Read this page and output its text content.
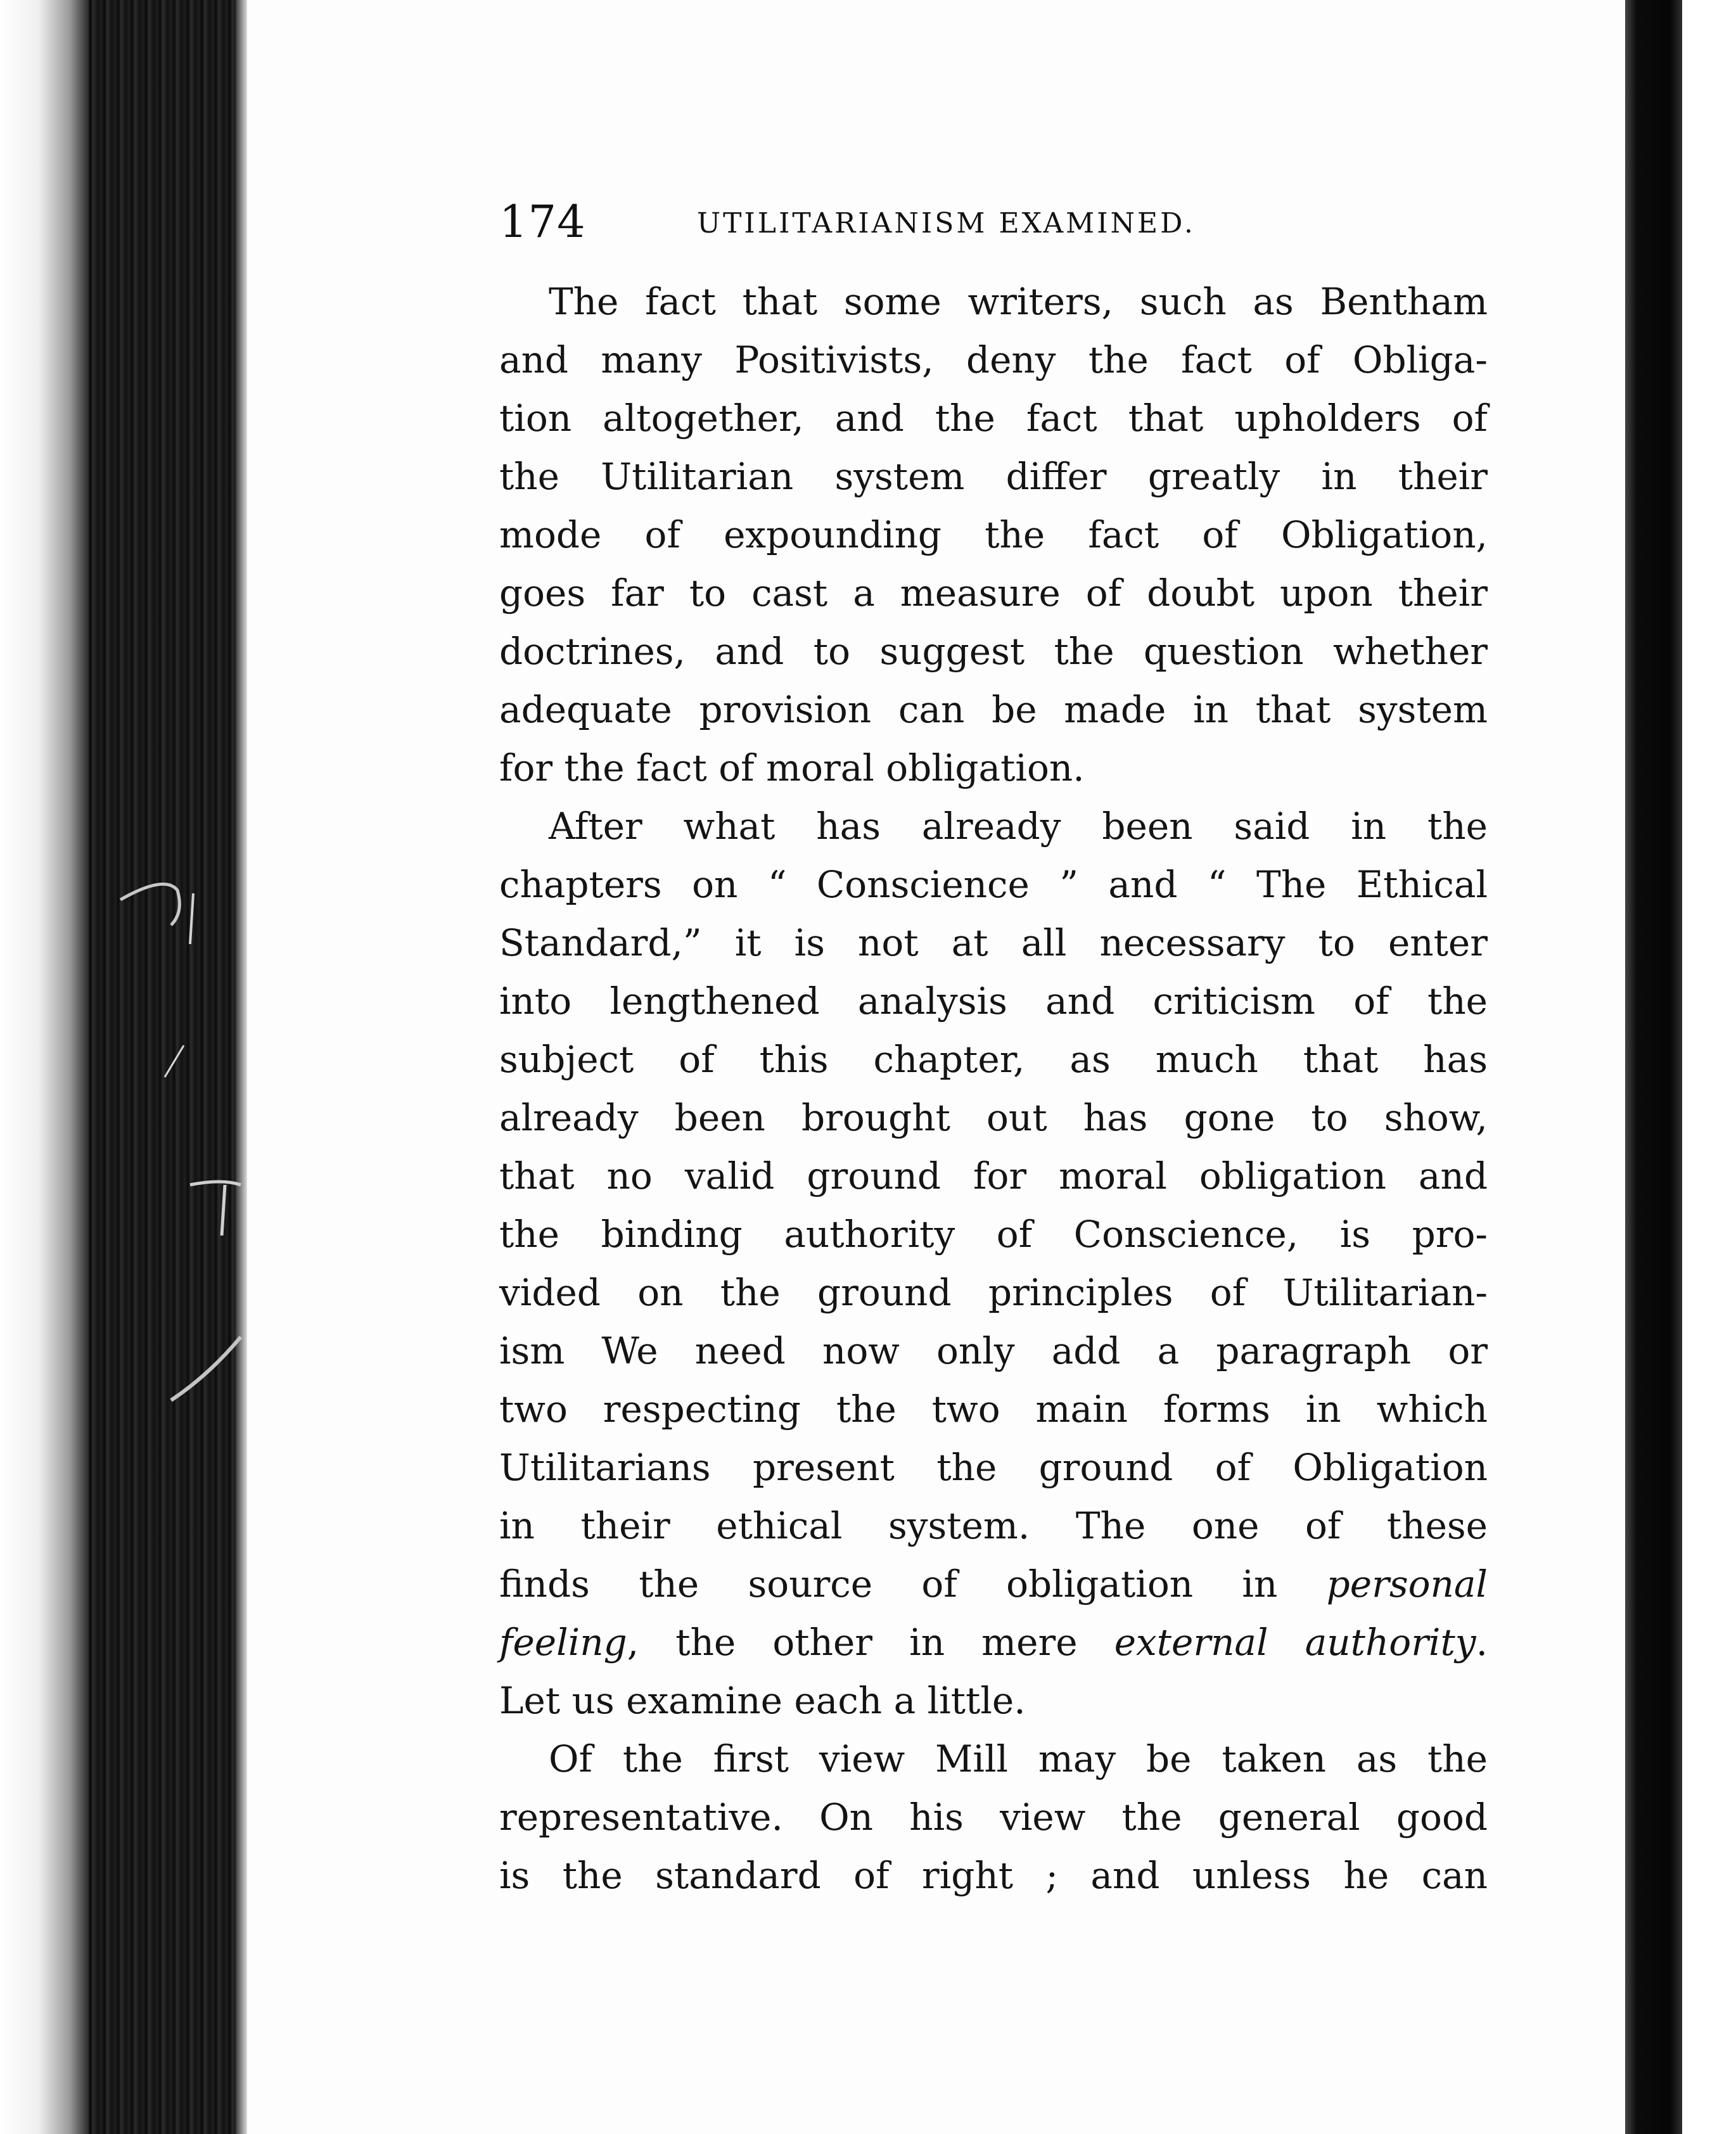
174	UTILITARIANISM EXAMINED.
The fact that some writers, such as Bentham
and many Positivists, deny the fact of Obliga-
tion altogether, and the fact that upholders of
the Utilitarian system differ greatly in their
mode of expounding the fact of Obligation,
goes far to cast a measure of doubt upon their
doctrines, and to suggest the question whether
adequate provision can be made in that system
for the fact of moral obligation.
After what has already been said in the
chapters on “ Conscience ” and “ The Ethical
Standard,” it is not at all necessary to enter
into lengthened analysis and criticism of the
subject of this chapter, as much that has
already been brought out has gone to show,
that no valid ground for moral obligation and
the binding authority of Conscience, is pro-
vided on the ground principles of Utilitarian-
ism We need now only add a paragraph or
two respecting the two main forms in which
Utilitarians present the ground of Obligation
in their ethical system. The one of these
finds the source of obligation in personal
feeling, the other in mere external authority.
Let us examine each a little.
Of the first view Mill may be taken as the
representative. On his view the general good
is the standard of right ; and unless he can
